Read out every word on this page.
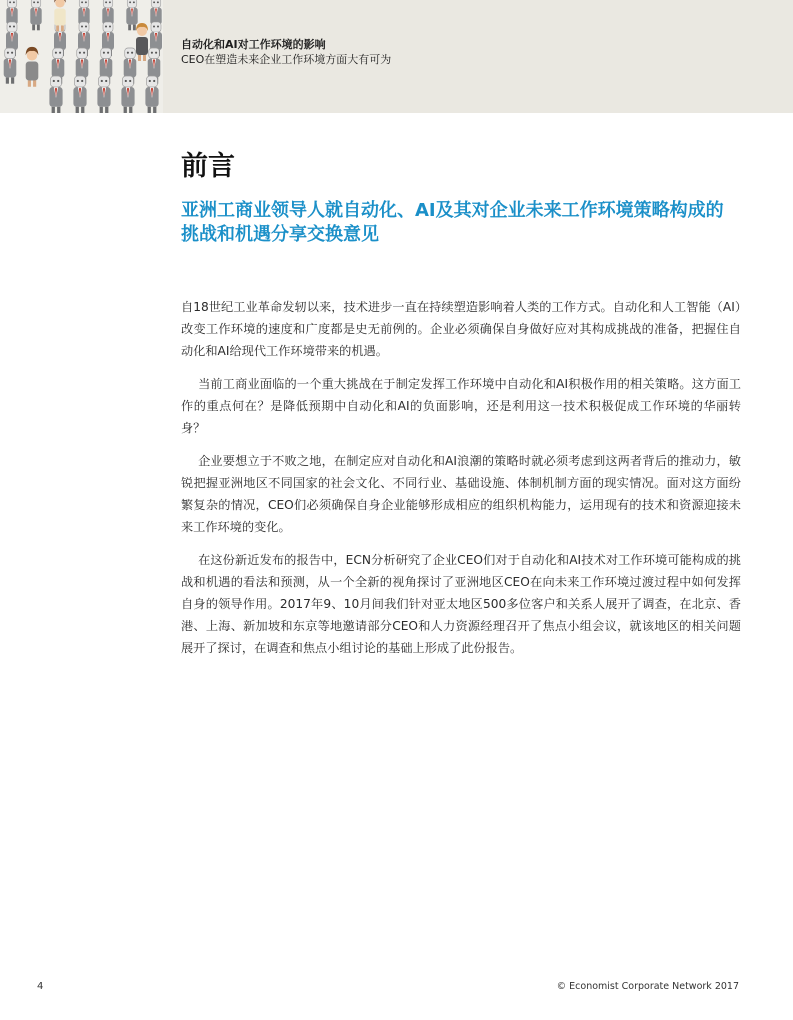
自动化和AI对工作环境的影响
CEO在塑造未来企业工作环境方面大有可为
前言
亚洲工商业领导人就自动化、AI及其对企业未来工作环境策略构成的挑战和机遇分享交换意见

自18世纪工业革命发轫以来，技术进步一直在持续塑造影响着人类的工作方式。自动化和人工智能（AI）改变工作环境的速度和广度都是史无前例的。企业必须确保自身做好应对其构成挑战的准备，把握住自动化和AI给现代工作环境带来的机遇。

当前工商业面临的一个重大挑战在于制定发挥工作环境中自动化和AI积极作用的相关策略。这方面工作的重点何在？是降低预期中自动化和AI的负面影响，还是利用这一技术积极促成工作环境的华丽转身？

企业要想立于不败之地，在制定应对自动化和AI浪潮的策略时就必须考虑到这两者背后的推动力，敏锐把握亚洲地区不同国家的社会文化、不同行业、基础设施、体制机制方面的现实情况。面对这方面纷繁复杂的情况，CEO们必须确保自身企业能够形成相应的组织机构能力，运用现有的技术和资源迎接未来工作环境的变化。

在这份新近发布的报告中，ECN分析研究了企业CEO们对于自动化和AI技术对工作环境可能构成的挑战和机遇的看法和预测，从一个全新的视角探讨了亚洲地区CEO在向未来工作环境过渡过程中如何发挥自身的领导作用。2017年9、10月间我们针对亚太地区500多位客户和关系人展开了调查，在北京、香港、上海、新加坡和东京等地邀请部分CEO和人力资源经理召开了焦点小组会议，就该地区的相关问题展开了探讨，在调查和焦点小组讨论的基础上形成了此份报告。

4	© Economist Corporate Network 2017
